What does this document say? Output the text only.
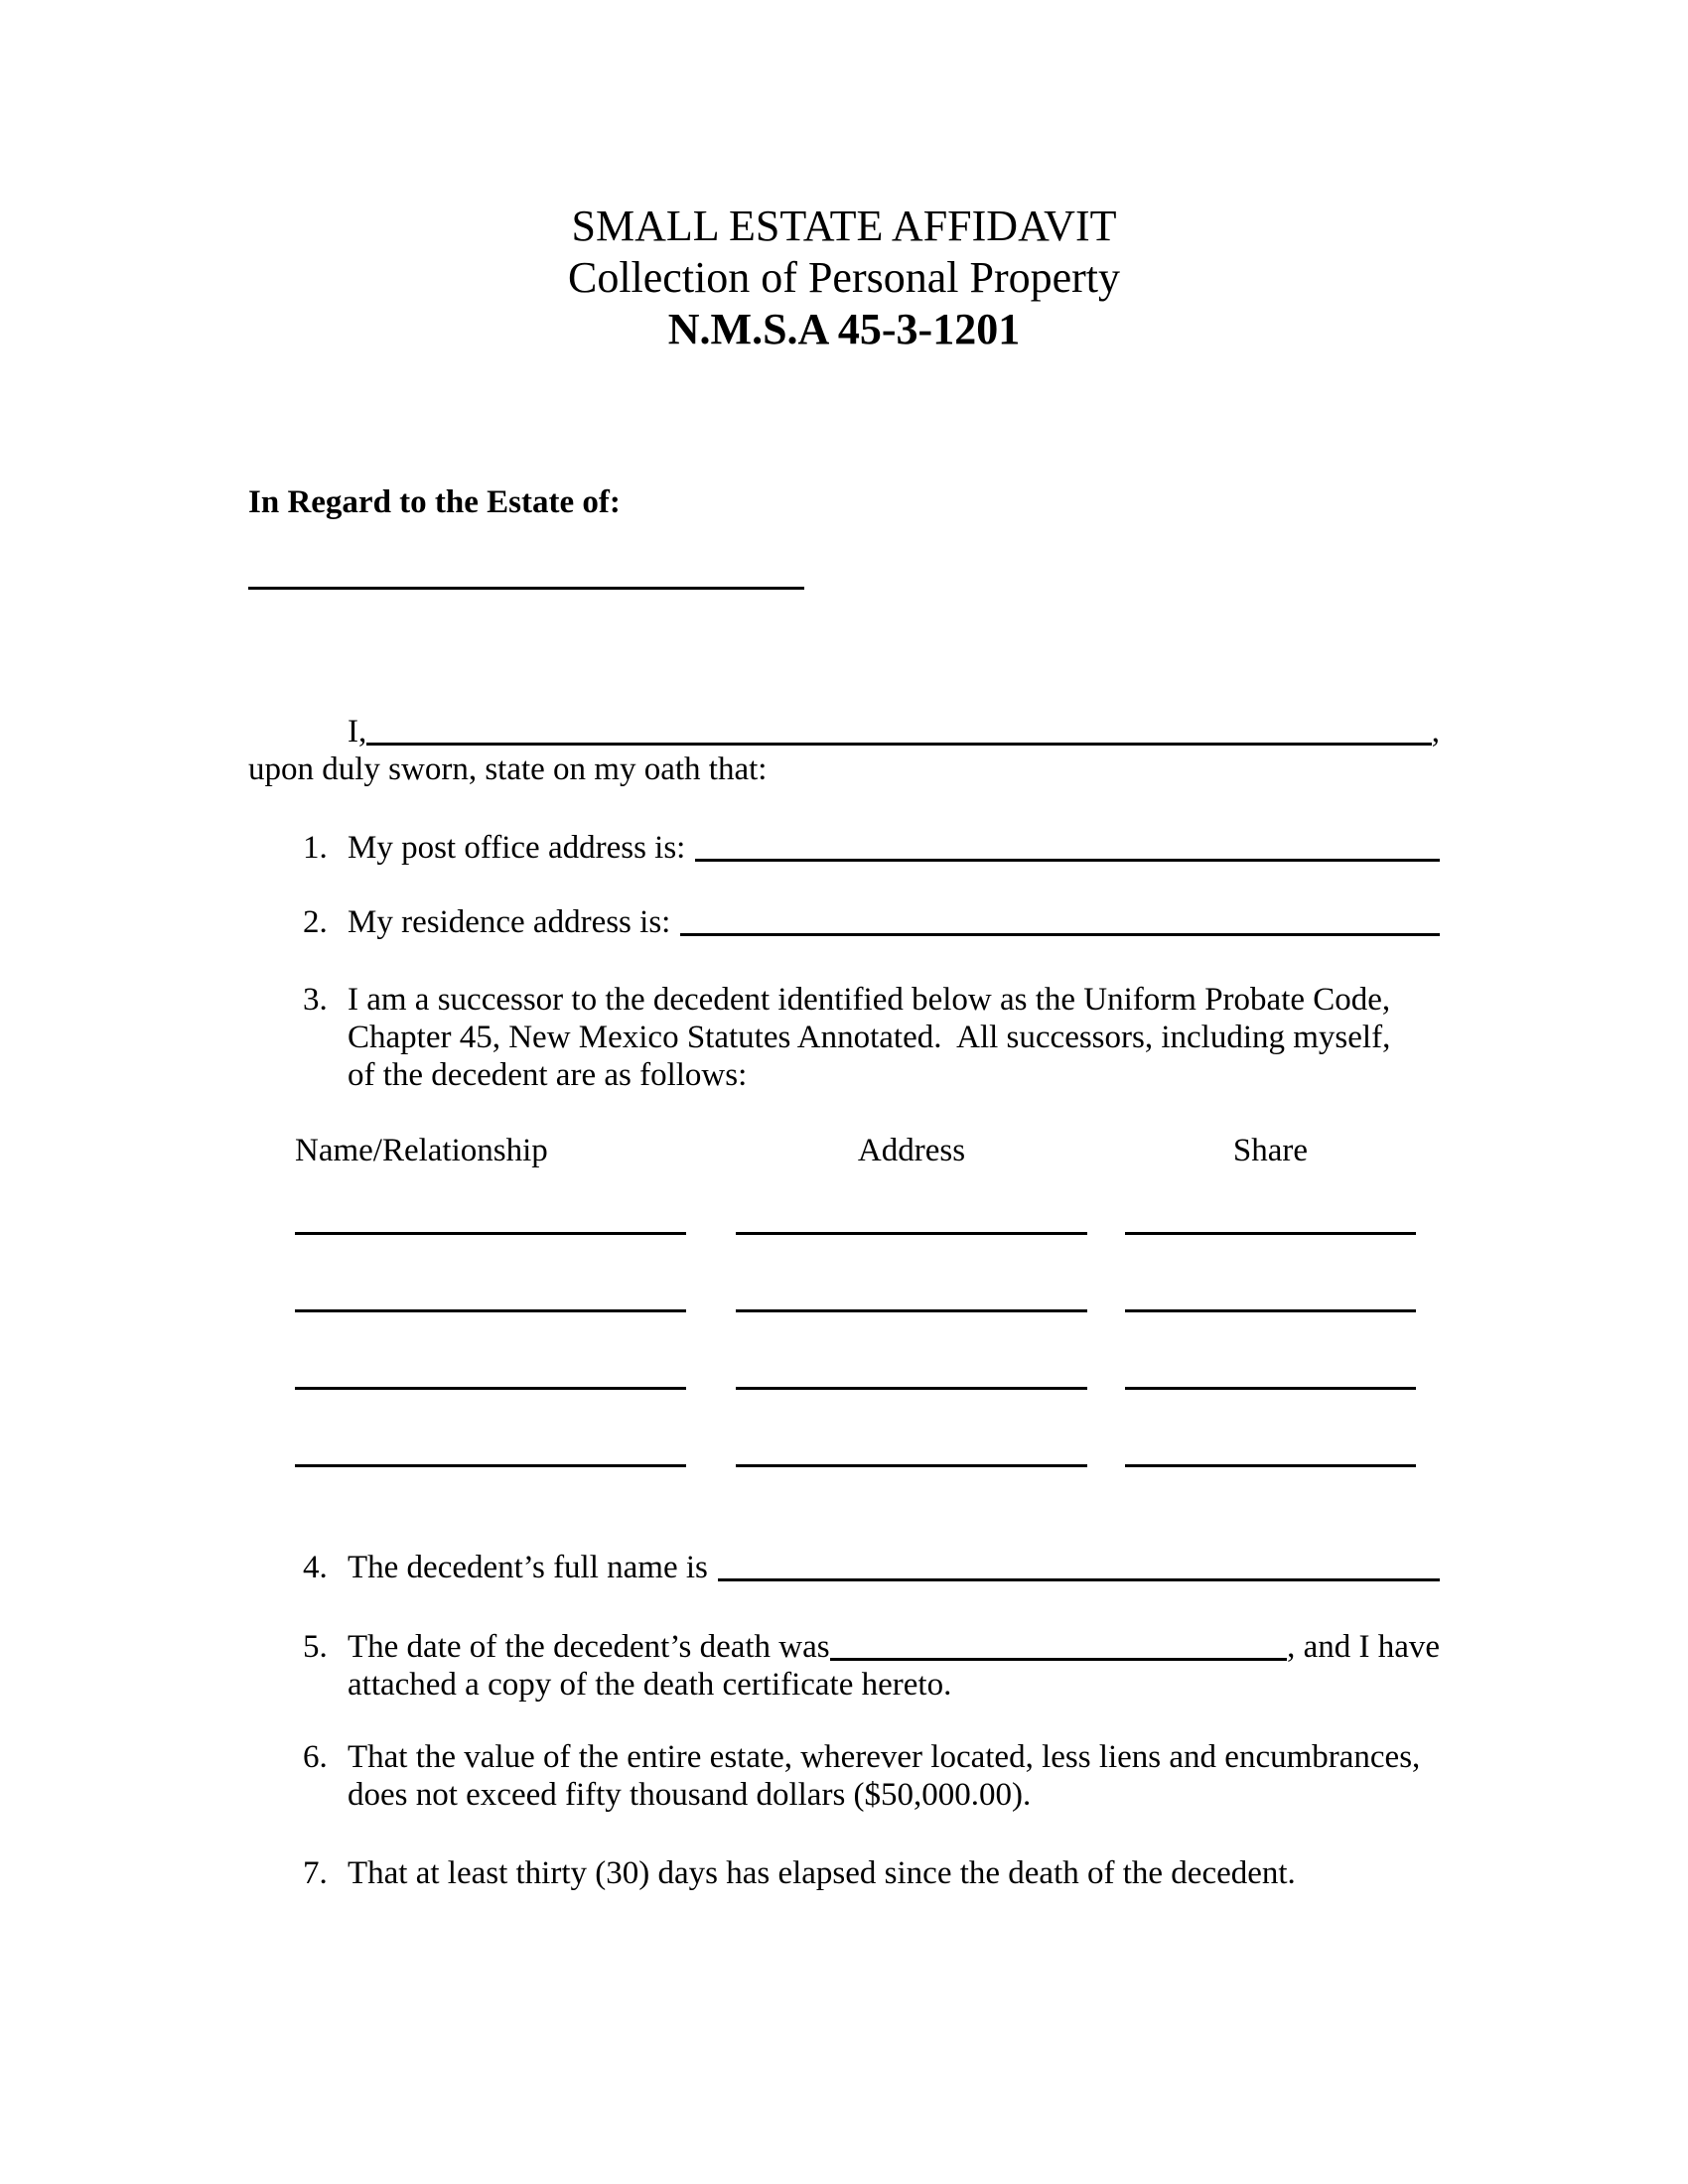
SMALL ESTATE AFFIDAVIT
Collection of Personal Property
N.M.S.A 45-3-1201
In Regard to the Estate of:
I,	,
upon duly sworn, state on my oath that:
1. My post office address is:
2. My residence address is:
3. I am a successor to the decedent identified below as the Uniform Probate Code,
Chapter 45, New Mexico Statutes Annotated.  All successors, including myself,
of the decedent are as follows:
Name/Relationship	Address	Share
4. The decedent’s full name is
5. The date of the decedent’s death was	, and I have
attached a copy of the death certificate hereto.
6. That the value of the entire estate, wherever located, less liens and encumbrances,
does not exceed fifty thousand dollars ($50,000.00).
7. That at least thirty (30) days has elapsed since the death of the decedent.
